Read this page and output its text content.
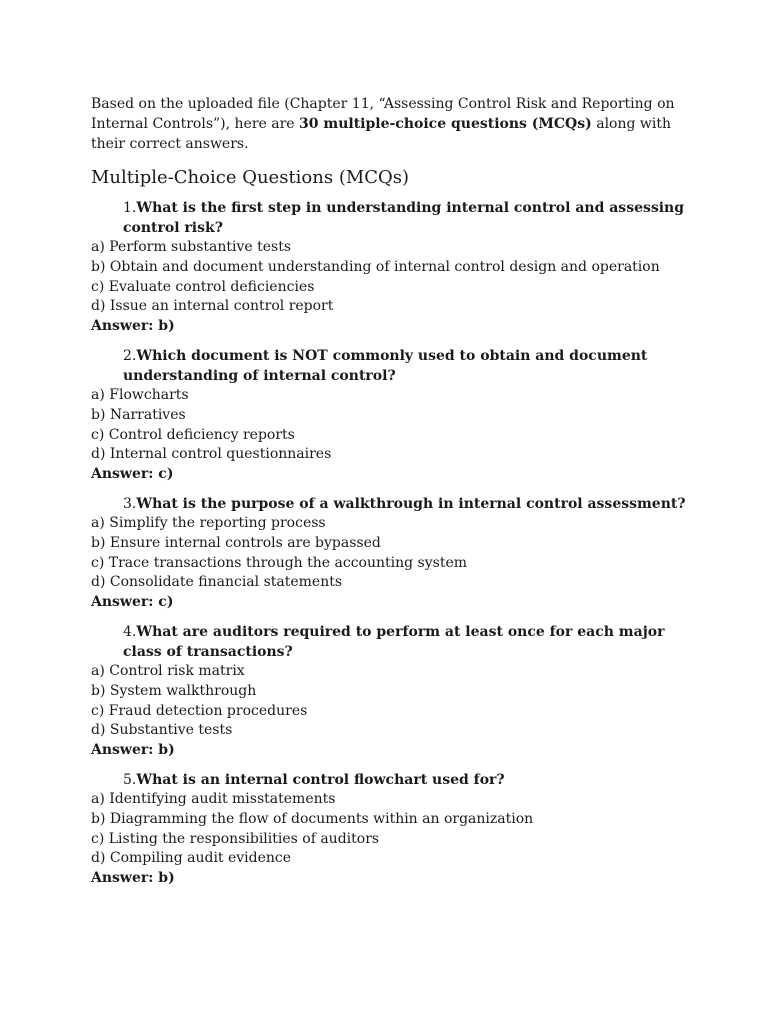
Based on the uploaded file (Chapter 11, “Assessing Control Risk and Reporting on Internal Controls”), here are 30 multiple-choice questions (MCQs) along with their correct answers.

Multiple-Choice Questions (MCQs)

1.What is the first step in understanding internal control and assessing control risk?

a) Perform substantive tests

b) Obtain and document understanding of internal control design and operation

c) Evaluate control deficiencies

d) Issue an internal control report

Answer: b)

2.Which document is NOT commonly used to obtain and document understanding of internal control?

a) Flowcharts

b) Narratives

c) Control deficiency reports

d) Internal control questionnaires

Answer: c)

3.What is the purpose of a walkthrough in internal control assessment?

a) Simplify the reporting process

b) Ensure internal controls are bypassed

c) Trace transactions through the accounting system

d) Consolidate financial statements

Answer: c)

4.What are auditors required to perform at least once for each major class of transactions?

a) Control risk matrix

b) System walkthrough

c) Fraud detection procedures

d) Substantive tests

Answer: b)

5.What is an internal control flowchart used for?

a) Identifying audit misstatements

b) Diagramming the flow of documents within an organization

c) Listing the responsibilities of auditors

d) Compiling audit evidence

Answer: b)
